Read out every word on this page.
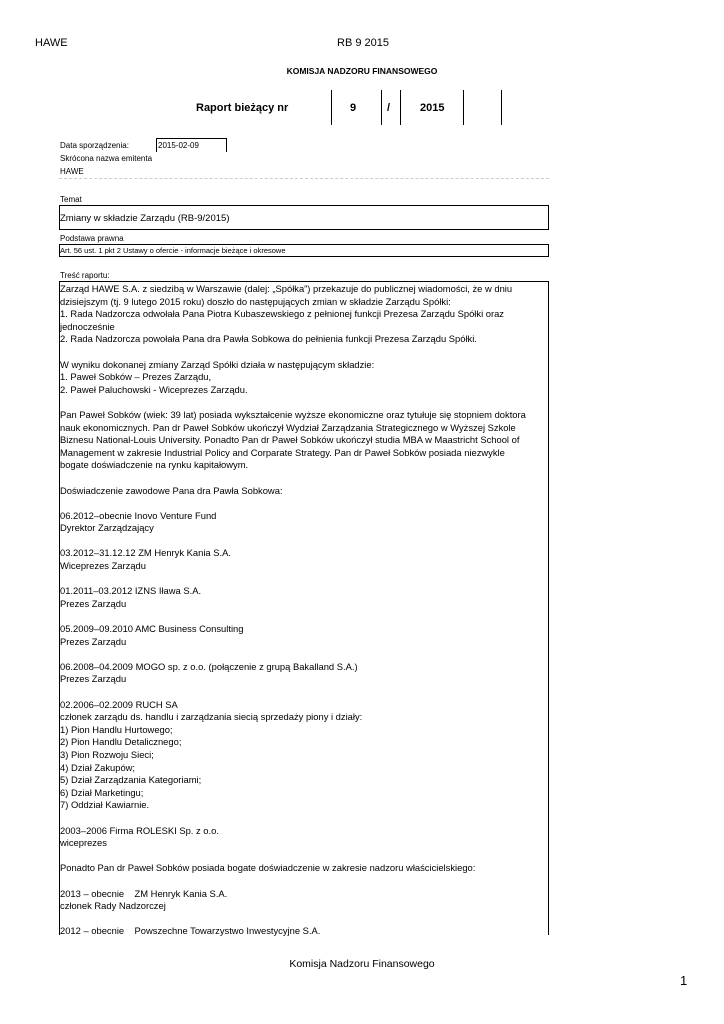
HAWE	RB 9 2015
KOMISJA NADZORU FINANSOWEGO
Raport bieżący nr	9	/	2015
Data sporządzenia:	2015-02-09
Skrócona nazwa emitenta
HAWE
Temat
Zmiany w składzie Zarządu (RB-9/2015)
Podstawa prawna
Art. 56 ust. 1 pkt 2 Ustawy o ofercie - informacje bieżące i okresowe
Treść raportu:
Zarząd HAWE S.A. z siedzibą w Warszawie (dalej: „Spółka”) przekazuje do publicznej wiadomości, że w dniu
dzisiejszym (tj. 9 lutego 2015 roku) doszło do następujących zmian w składzie Zarządu Spółki:
1. Rada Nadzorcza odwołała Pana Piotra Kubaszewskiego z pełnionej funkcji Prezesa Zarządu Spółki oraz
jednocześnie
2. Rada Nadzorcza powołała Pana dra Pawła Sobkowa do pełnienia funkcji Prezesa Zarządu Spółki.

W wyniku dokonanej zmiany Zarząd Spółki działa w następującym składzie:
1. Paweł Sobków – Prezes Zarządu,
2. Paweł Paluchowski - Wiceprezes Zarządu.

Pan Paweł Sobków (wiek: 39 lat) posiada wykształcenie wyższe ekonomiczne oraz tytułuje się stopniem doktora
nauk ekonomicznych. Pan dr Paweł Sobków ukończył Wydział Zarządzania Strategicznego w Wyższej Szkole
Biznesu National-Louis University. Ponadto Pan dr Paweł Sobków ukończył studia MBA w Maastricht School of
Management w zakresie Industrial Policy and Corparate Strategy. Pan dr Paweł Sobków posiada niezwykle
bogate doświadczenie na rynku kapitałowym.

Doświadczenie zawodowe Pana dra Pawła Sobkowa:

06.2012–obecnie Inovo Venture Fund
Dyrektor Zarządzający

03.2012–31.12.12 ZM Henryk Kania S.A.
Wiceprezes Zarządu

01.2011–03.2012 IZNS Iława S.A.
Prezes Zarządu

05.2009–09.2010 AMC Business Consulting
Prezes Zarządu

06.2008–04.2009 MOGO sp. z o.o. (połączenie z grupą Bakalland S.A.)
Prezes Zarządu

02.2006–02.2009 RUCH SA
członek zarządu ds. handlu i zarządzania siecią sprzedaży piony i działy:
1) Pion Handlu Hurtowego;
2) Pion Handlu Detalicznego;
3) Pion Rozwoju Sieci;
4) Dział Zakupów;
5) Dział Zarządzania Kategoriami;
6) Dział Marketingu;
7) Oddział Kawiarnie.

2003–2006 Firma ROLESKI Sp. z o.o.
wiceprezes

Ponadto Pan dr Paweł Sobków posiada bogate doświadczenie w zakresie nadzoru właścicielskiego:

2013 – obecnie    ZM Henryk Kania S.A.
członek Rady Nadzorczej

2012 – obecnie    Powszechne Towarzystwo Inwestycyjne S.A.
Komisja Nadzoru Finansowego
1
